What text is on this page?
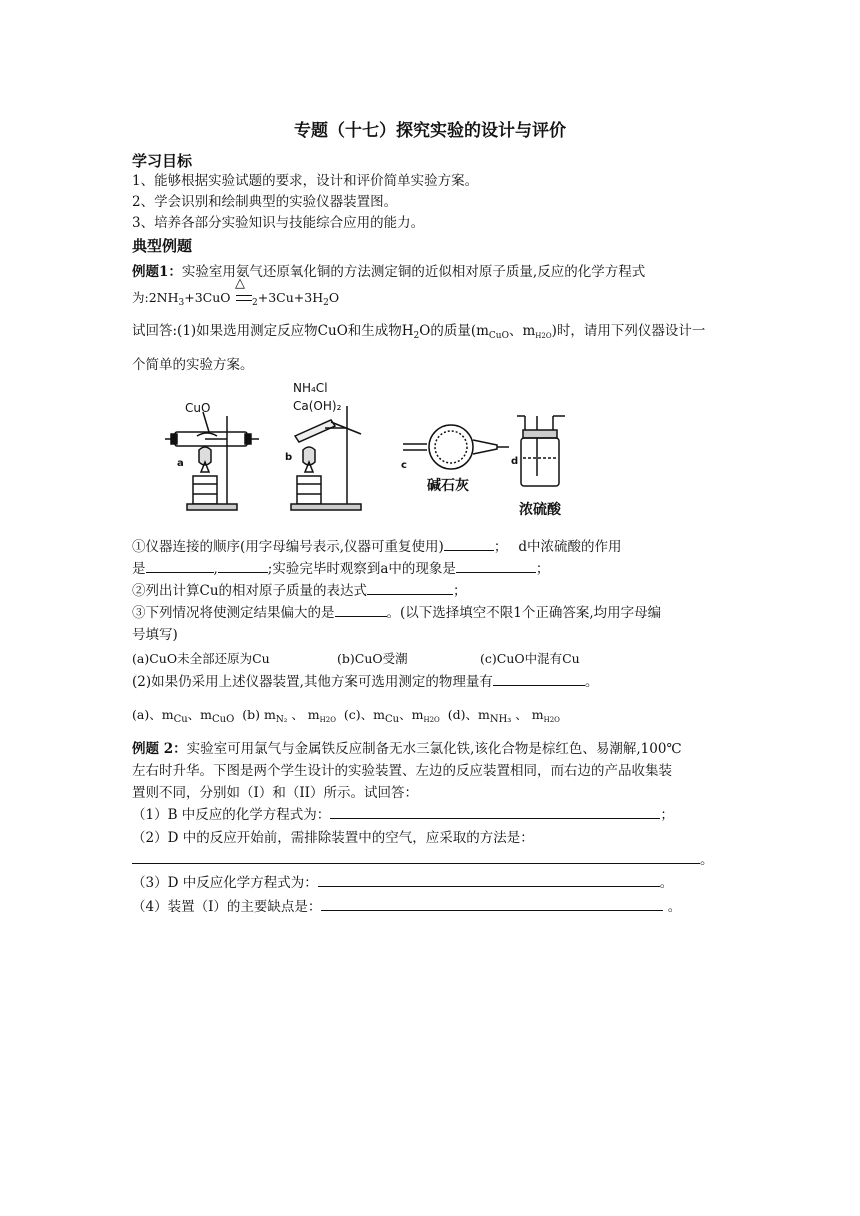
专题（十七）探究实验的设计与评价
学习目标
1、能够根据实验试题的要求，设计和评价简单实验方案。
2、学会识别和绘制典型的实验仪器装置图。
3、培养各部分实验知识与技能综合应用的能力。
典型例题
例题1：实验室用氨气还原氧化铜的方法测定铜的近似相对原子质量,反应的化学方程式
为$:2NH_3+3CuO$
△
$_2+3Cu+3H_2O$
试回答:(1)如果选用测定反应物CuO和生成物$H_2O$的质量($m_{CuO}$、$m_{H2O}$)时，请用下列仪器设计一
个简单的实验方案。
CuO
a
NH₄Cl
Ca(OH)₂
b
c
碱石灰
d
浓硫酸
①仪器连接的顺序(用字母编号表示,仪器可重复使用)	；　 d中浓硫酸的作用
是	,	;实验完毕时观察到a中的现象是	；
②列出计算Cu的相对原子质量的表达式	；
③下列情况将使测定结果偏大的是	。(以下选择填空不限1个正确答案,均用字母编
号填写)
(a)CuO未全部还原为Cu	(b)CuO受潮	(c)CuO中混有Cu
(2)如果仍采用上述仪器装置,其他方案可选用测定的物理量有	。
(a)、$m_{Cu}$、$m_{CuO}$ (b) $m_{N_2}$ 、 $m_{H2O}$ (c)、$m_{Cu}$、$m_{H2O}$ (d)、$m_{NH_3}$ 、 $m_{H2O}$
例题 2：实验室可用氯气与金属铁反应制备无水三氯化铁,该化合物是棕红色、易潮解,100℃
左右时升华。下图是两个学生设计的实验装置、左边的反应装置相同，而右边的产品收集装
置则不同，分别如（I）和（II）所示。试回答：
（1）B 中反应的化学方程式为：	；
（2）D 中的反应开始前，需排除装置中的空气，应采取的方法是：
。
（3）D 中反应化学方程式为：	。
（4）装置（Ⅰ）的主要缺点是：	。
